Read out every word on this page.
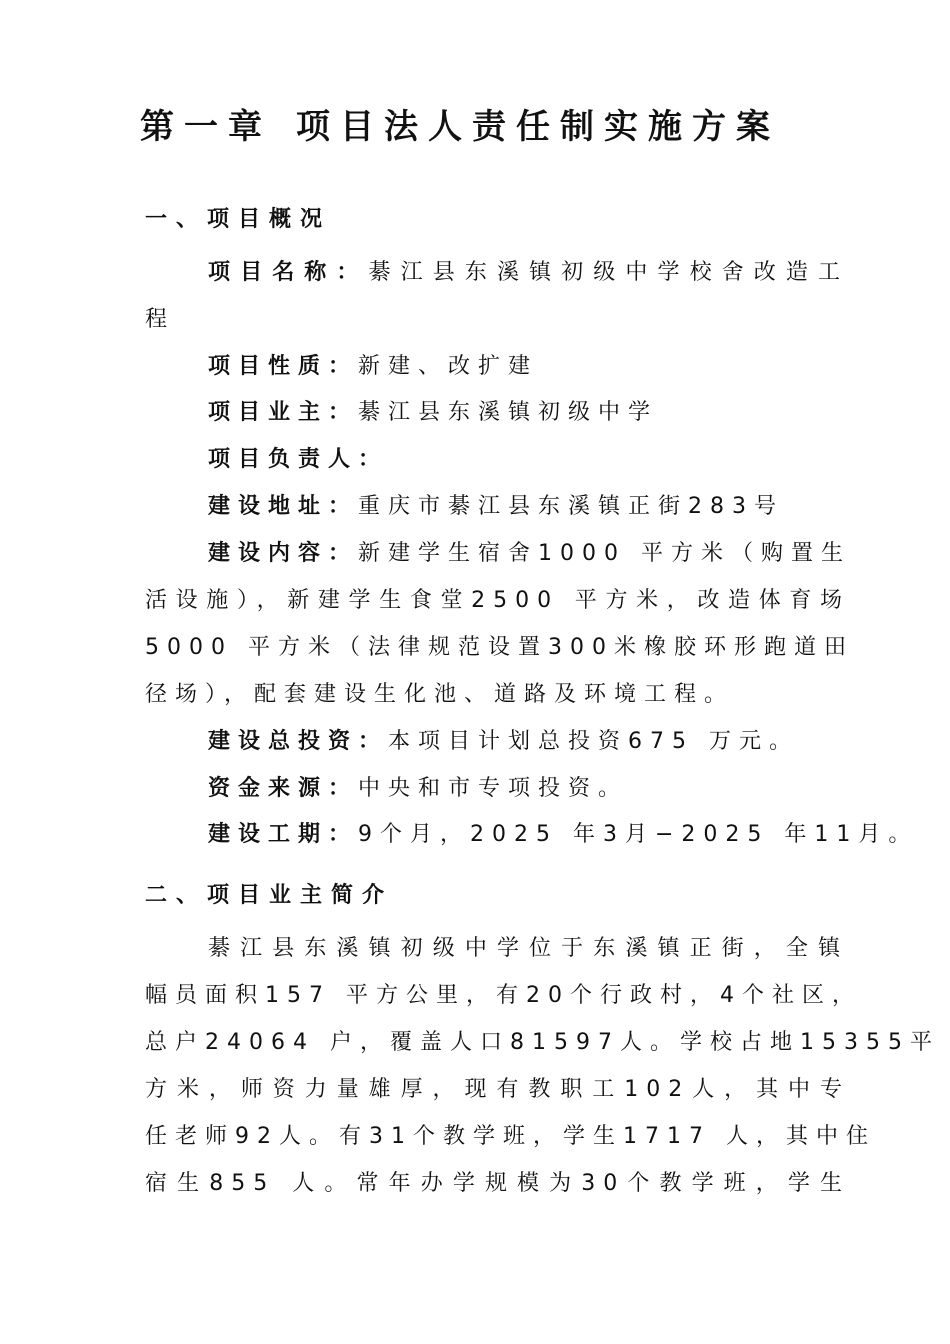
第一章 项目法人责任制实施方案
一、项目概况
项目名称：綦江县东溪镇初级中学校舍改造工
程
项目性质：新建、改扩建
项目业主：綦江县东溪镇初级中学
项目负责人：
建设地址：重庆市綦江县东溪镇正街283号
建设内容：新建学生宿舍1000 平方米（购置生
活设施），新建学生食堂2500 平方米，改造体育场
5000 平方米（法律规范设置300米橡胶环形跑道田
径场），配套建设生化池、道路及环境工程。
建设总投资：本项目计划总投资675 万元。
资金来源：中央和市专项投资。
建设工期：9个月，2025 年3月−2025 年11月。
二、项目业主简介
綦江县东溪镇初级中学位于东溪镇正街，全镇
幅员面积157 平方公里，有20个行政村，4个社区，
总户24064 户，覆盖人口81597人。学校占地15355平
方米，师资力量雄厚，现有教职工102人，其中专
任老师92人。有31个教学班，学生1717 人，其中住
宿生855 人。常年办学规模为30个教学班，学生
